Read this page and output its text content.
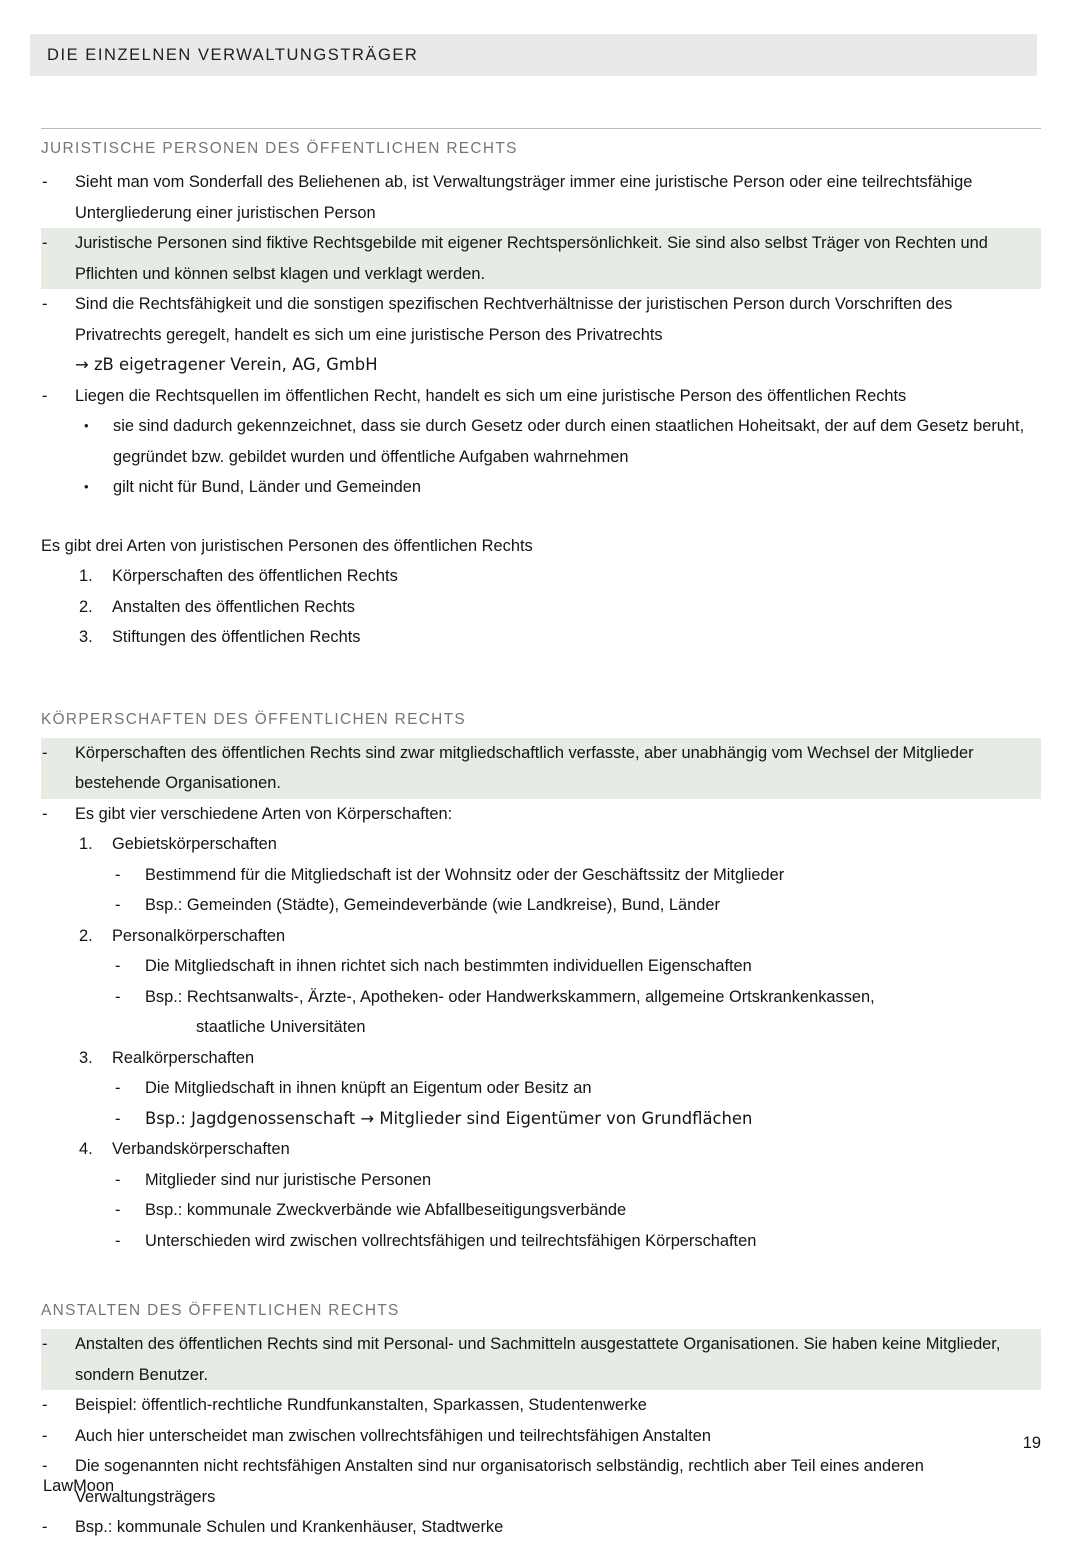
DIE EINZELNEN VERWALTUNGSTRÄGER
JURISTISCHE PERSONEN DES ÖFFENTLICHEN RECHTS
-	Sieht man vom Sonderfall des Beliehenen ab, ist Verwaltungsträger immer eine juristische Person oder eine teilrechtsfähige Untergliederung einer juristischen Person
-	Juristische Personen sind fiktive Rechtsgebilde mit eigener Rechtspersönlichkeit. Sie sind also selbst Träger von Rechten und Pflichten und können selbst klagen und verklagt werden.
-	Sind die Rechtsfähigkeit und die sonstigen spezifischen Rechtverhältnisse der juristischen Person durch Vorschriften des Privatrechts geregelt, handelt es sich um eine juristische Person des Privatrechts
→ zB eigetragener Verein, AG, GmbH
-	Liegen die Rechtsquellen im öffentlichen Recht, handelt es sich um eine juristische Person des öffentlichen Rechts
•	sie sind dadurch gekennzeichnet, dass sie durch Gesetz oder durch einen staatlichen Hoheitsakt, der auf dem Gesetz beruht, gegründet bzw. gebildet wurden und öffentliche Aufgaben wahrnehmen
•	gilt nicht für Bund, Länder und Gemeinden
Es gibt drei Arten von juristischen Personen des öffentlichen Rechts
1.	Körperschaften des öffentlichen Rechts
2.	Anstalten des öffentlichen Rechts
3.	Stiftungen des öffentlichen Rechts
KÖRPERSCHAFTEN DES ÖFFENTLICHEN RECHTS
-	Körperschaften des öffentlichen Rechts sind zwar mitgliedschaftlich verfasste, aber unabhängig vom Wechsel der Mitglieder bestehende Organisationen.
-	Es gibt vier verschiedene Arten von Körperschaften:
1.	Gebietskörperschaften
-	Bestimmend für die Mitgliedschaft ist der Wohnsitz oder der Geschäftssitz der Mitglieder
-	Bsp.: Gemeinden (Städte), Gemeindeverbände (wie Landkreise), Bund, Länder
2.	Personalkörperschaften
-	Die Mitgliedschaft in ihnen richtet sich nach bestimmten individuellen Eigenschaften
-	Bsp.: Rechtsanwalts-, Ärzte-, Apotheken- oder Handwerkskammern, allgemeine Ortskrankenkassen,
staatliche Universitäten
3.	Realkörperschaften
-	Die Mitgliedschaft in ihnen knüpft an Eigentum oder Besitz an
-	Bsp.: Jagdgenossenschaft → Mitglieder sind Eigentümer von Grundflächen
4.	Verbandskörperschaften
-	Mitglieder sind nur juristische Personen
-	Bsp.: kommunale Zweckverbände wie Abfallbeseitigungsverbände
-	Unterschieden wird zwischen vollrechtsfähigen und teilrechtsfähigen Körperschaften
ANSTALTEN DES ÖFFENTLICHEN RECHTS
-	Anstalten des öffentlichen Rechts sind mit Personal- und Sachmitteln ausgestattete Organisationen. Sie haben keine Mitglieder, sondern Benutzer.
-	Beispiel: öffentlich-rechtliche Rundfunkanstalten, Sparkassen, Studentenwerke
-	Auch hier unterscheidet man zwischen vollrechtsfähigen und teilrechtsfähigen Anstalten
-	Die sogenannten nicht rechtsfähigen Anstalten sind nur organisatorisch selbständig, rechtlich aber Teil eines anderen Verwaltungsträgers
-	Bsp.: kommunale Schulen und Krankenhäuser, Stadtwerke
19
LawMoon
